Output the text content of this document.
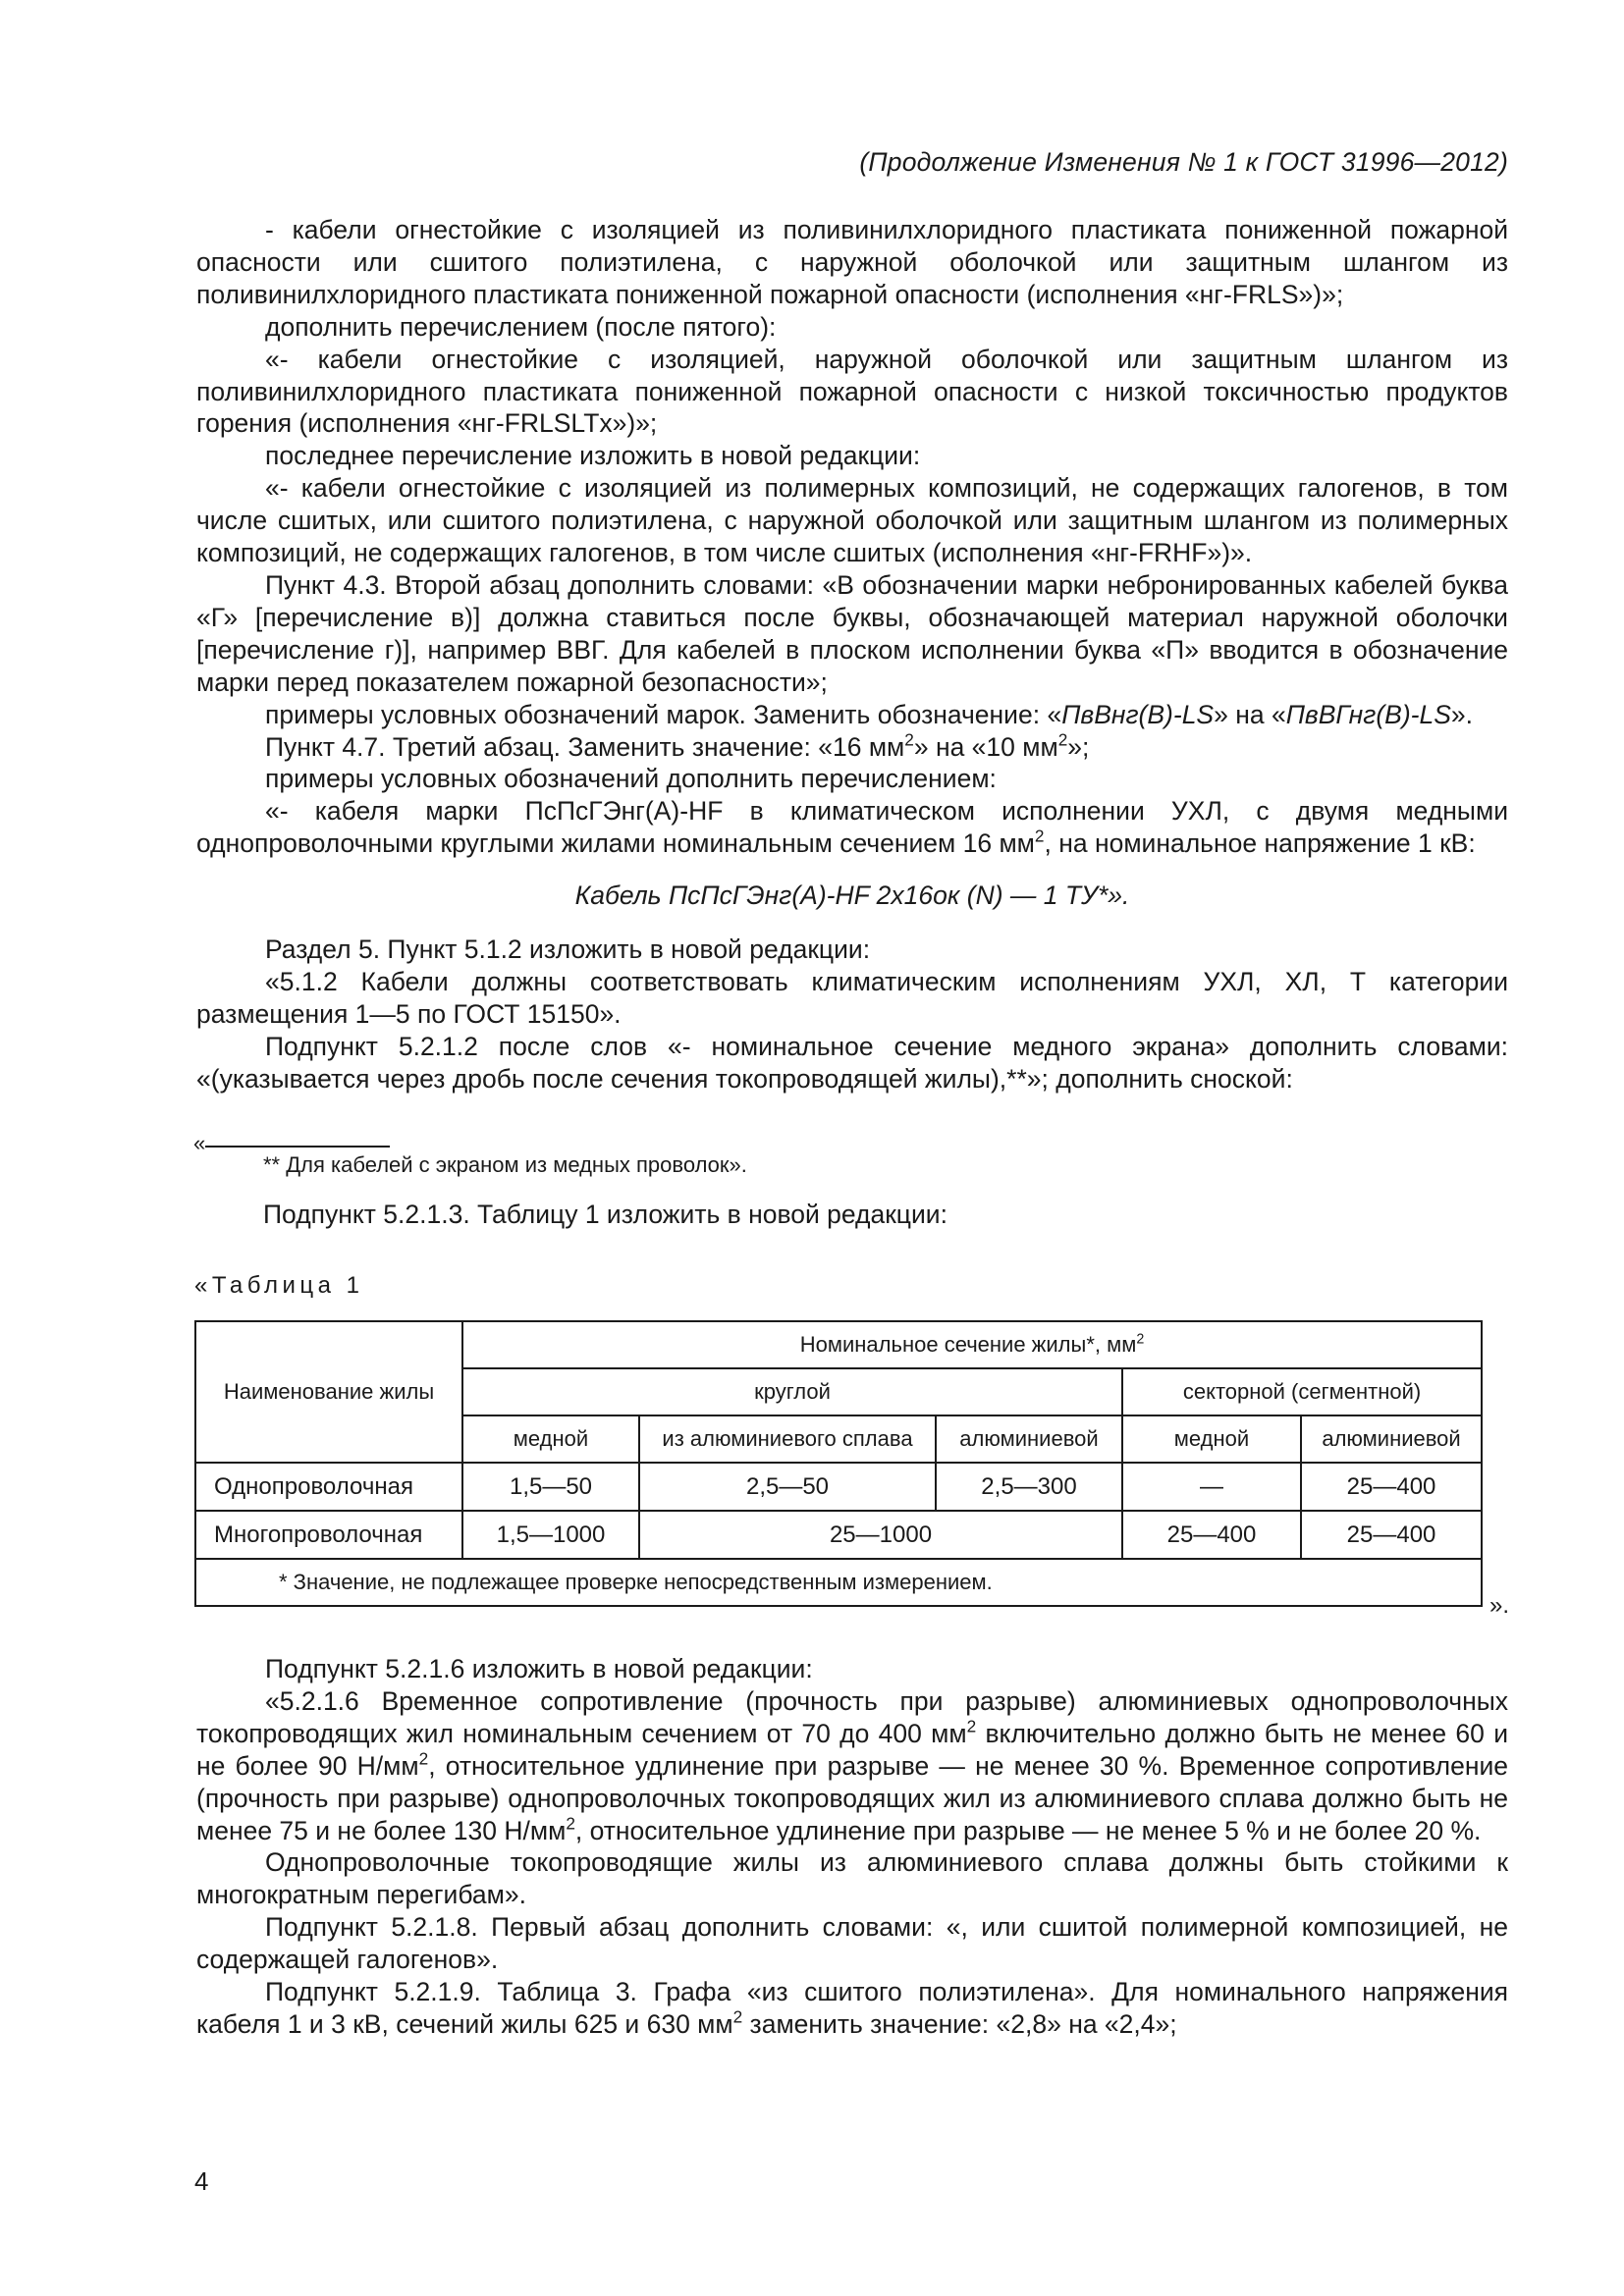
(Продолжение Изменения № 1 к ГОСТ 31996—2012)

- кабели огнестойкие с изоляцией из поливинилхлоридного пластиката пониженной пожарной опасности или сшитого полиэтилена, с наружной оболочкой или защитным шлангом из поливинилхлоридного пластиката пониженной пожарной опасности (исполнения «нг-FRLS»)»;

дополнить перечислением (после пятого):

«- кабели огнестойкие с изоляцией, наружной оболочкой или защитным шлангом из поливинилхлоридного пластиката пониженной пожарной опасности с низкой токсичностью продуктов горения (исполнения «нг-FRLSLTx»)»;

последнее перечисление изложить в новой редакции:

«- кабели огнестойкие с изоляцией из полимерных композиций, не содержащих галогенов, в том числе сшитых, или сшитого полиэтилена, с наружной оболочкой или защитным шлангом из полимерных композиций, не содержащих галогенов, в том числе сшитых (исполнения «нг-FRHF»)».

Пункт 4.3. Второй абзац дополнить словами: «В обозначении марки небронированных кабелей буква «Г» [перечисление в)] должна ставиться после буквы, обозначающей материал наружной оболочки [перечисление г)], например ВВГ. Для кабелей в плоском исполнении буква «П» вводится в обозначение марки перед показателем пожарной безопасности»;

примеры условных обозначений марок. Заменить обозначение: «ПвВнг(В)-LS» на «ПвВГнг(В)-LS».

Пункт 4.7. Третий абзац. Заменить значение: «16 $мм^2$» на «10 $мм^2$»;

примеры условных обозначений дополнить перечислением:

«- кабеля марки ПсПсГЭнг(А)-HF в климатическом исполнении УХЛ, с двумя медными однопроволочными круглыми жилами номинальным сечением 16 $мм^2$, на номинальное напряжение 1 кВ:

Кабель ПсПсГЭнг(А)-HF 2x16ок (N) — 1 ТУ*».

Раздел 5. Пункт 5.1.2 изложить в новой редакции:

«5.1.2 Кабели должны соответствовать климатическим исполнениям УХЛ, ХЛ, Т категории размещения 1—5 по ГОСТ 15150».

Подпункт 5.2.1.2 после слов «- номинальное сечение медного экрана» дополнить словами: «(указывается через дробь после сечения токопроводящей жилы),**»; дополнить сноской:

«
** Для кабелей с экраном из медных проволок».
Подпункт 5.2.1.3. Таблицу 1 изложить в новой редакции:
«Таблица 1
Наименование жилы	Номинальное сечение жилы*, $мм^2$
	круглой			секторной (сегментной)	
	медной	из алюминиевого сплава	алюминиевой	медной	алюминиевой
Однопроволочная	1,5—50	2,5—50	2,5—300	—	25—400
Многопроволочная	1,5—1000	25—1000		25—400	25—400
* Значение, не подлежащее проверке непосредственным измерением.					
».

Подпункт 5.2.1.6 изложить в новой редакции:

«5.2.1.6 Временное сопротивление (прочность при разрыве) алюминиевых однопроволочных токопроводящих жил номинальным сечением от 70 до 400 $мм^2$ включительно должно быть не менее 60 и не более 90 $Н/мм^2$, относительное удлинение при разрыве — не менее 30 %. Временное сопротивление (прочность при разрыве) однопроволочных токопроводящих жил из алюминиевого сплава должно быть не менее 75 и не более 130 $Н/мм^2$, относительное удлинение при разрыве — не менее 5 % и не более 20 %.

Однопроволочные токопроводящие жилы из алюминиевого сплава должны быть стойкими к многократным перегибам».

Подпункт 5.2.1.8. Первый абзац дополнить словами: «, или сшитой полимерной композицией, не содержащей галогенов».

Подпункт 5.2.1.9. Таблица 3. Графа «из сшитого полиэтилена». Для номинального напряжения кабеля 1 и 3 кВ, сечений жилы 625 и 630 $мм^2$ заменить значение: «2,8» на «2,4»;

4
